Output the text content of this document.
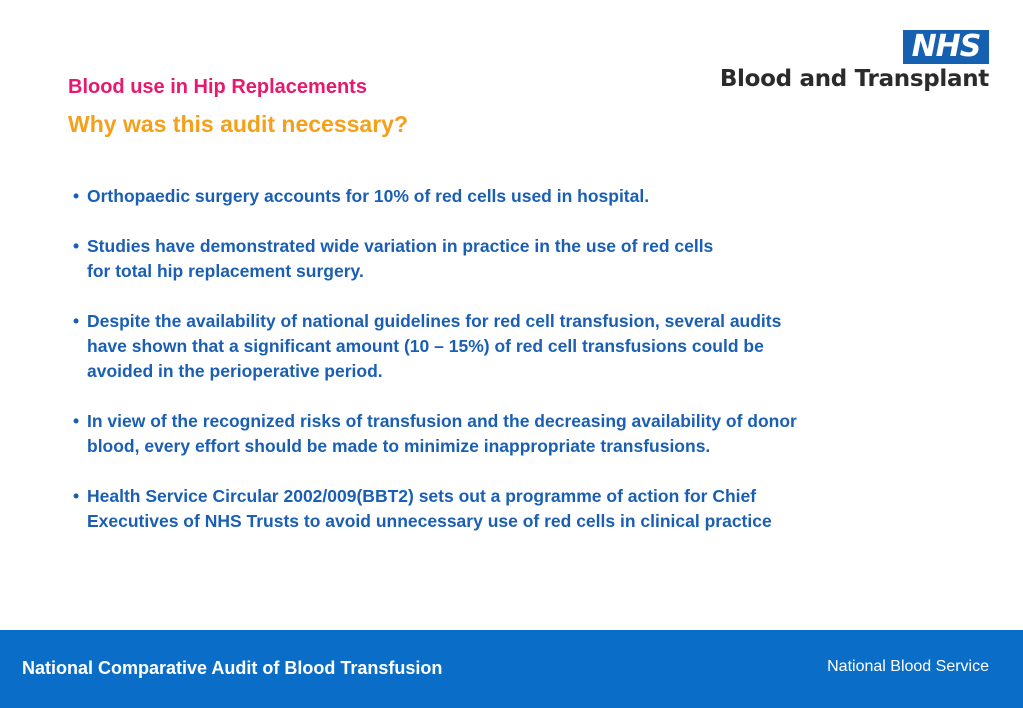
Blood use in Hip Replacements
Why was this audit necessary?
NHS
Blood and Transplant
• Orthopaedic surgery accounts for 10% of red cells used in hospital.
• Studies have demonstrated wide variation in practice in the use of red cells
for total hip replacement surgery.
• Despite the availability of national guidelines for red cell transfusion, several audits
have shown that a significant amount (10 – 15%) of red cell transfusions could be
avoided in the perioperative period.
• In view of the recognized risks of transfusion and the decreasing availability of donor
blood, every effort should be made to minimize inappropriate transfusions.
• Health Service Circular 2002/009(BBT2) sets out a programme of action for Chief
Executives of NHS Trusts to avoid unnecessary use of red cells in clinical practice
National Comparative Audit of Blood Transfusion	National Blood Service
